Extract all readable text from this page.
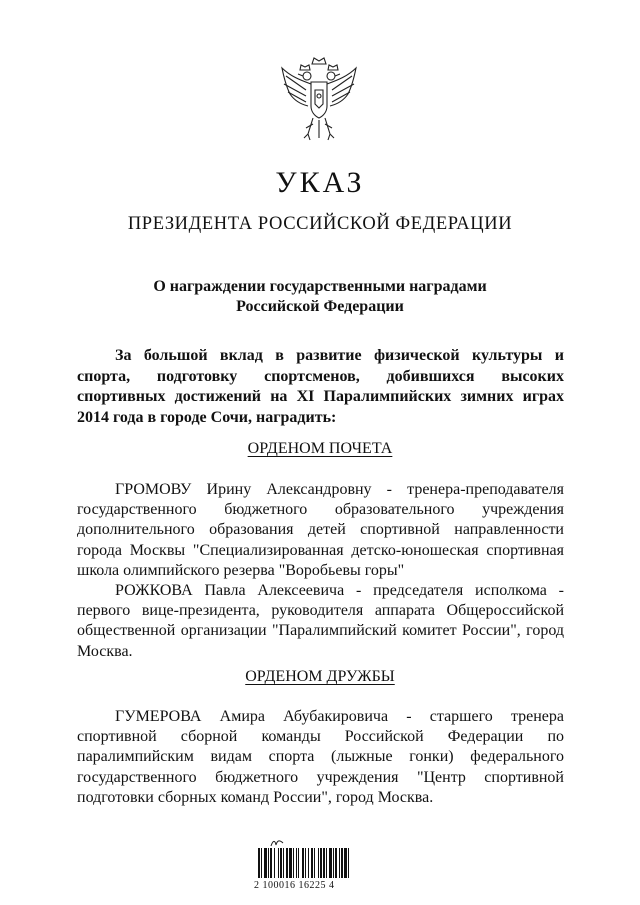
УКАЗ
ПРЕЗИДЕНТА РОССИЙСКОЙ ФЕДЕРАЦИИ
О награждении государственными наградами
Российской Федерации
За большой вклад в развитие физической культуры и
спорта, подготовку спортсменов, добившихся высоких
спортивных достижений на XI Паралимпийских зимних играх
2014 года в городе Сочи, наградить:
ОРДЕНОМ ПОЧЕТА
ГРОМОВУ Ирину Александровну - тренера-преподавателя
государственного бюджетного образовательного учреждения
дополнительного образования детей спортивной направленности
города Москвы "Специализированная детско-юношеская спортивная
школа олимпийского резерва "Воробьевы горы"
РОЖКОВА Павла Алексеевича - председателя исполкома -
первого вице-президента, руководителя аппарата Общероссийской
общественной организации "Паралимпийский комитет России", город
Москва.
ОРДЕНОМ ДРУЖБЫ
ГУМЕРОВА Амира Абубакировича - старшего тренера
спортивной сборной команды Российской Федерации по
паралимпийским видам спорта (лыжные гонки) федерального
государственного бюджетного учреждения "Центр спортивной
подготовки сборных команд России", город Москва.
2 100016 16225 4
